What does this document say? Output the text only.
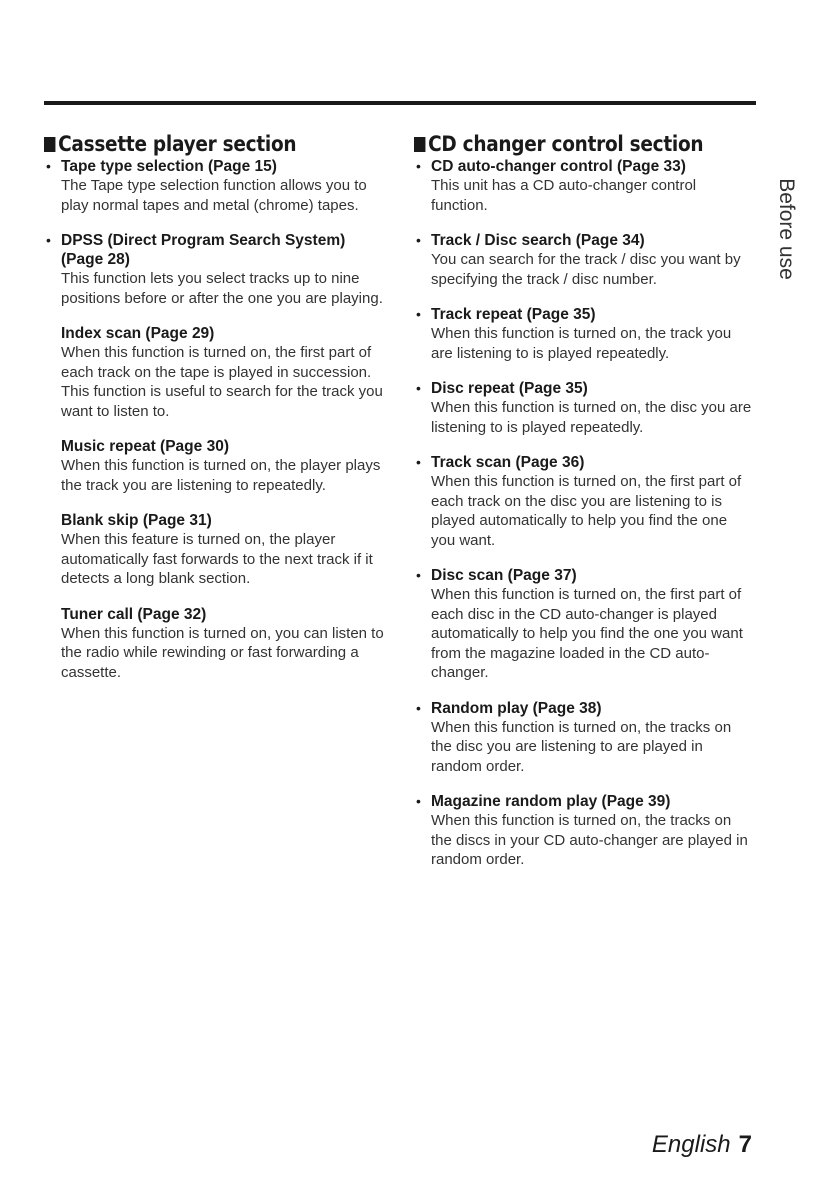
Cassette player section
• Tape type selection (Page 15)

The Tape type selection function allows you to play normal tapes and metal (chrome) tapes.

• DPSS (Direct Program Search System) (Page 28)

This function lets you select tracks up to nine positions before or after the one you are playing.

Index scan (Page 29)

When this function is turned on, the first part of each track on the tape is played in succession. This function is useful to search for the track you want to listen to.

Music repeat (Page 30)

When this function is turned on, the player plays the track you are listening to repeatedly.

Blank skip (Page 31)

When this feature is turned on, the player automatically fast forwards to the next track if it detects a long blank section.

Tuner call (Page 32)

When this function is turned on, you can listen to the radio while rewinding or fast forwarding a cassette.

CD changer control section
• CD auto-changer control (Page 33)

This unit has a CD auto-changer control function.

• Track / Disc search (Page 34)

You can search for the track / disc you want by specifying the track / disc number.

• Track repeat (Page 35)

When this function is turned on, the track you are listening to is played repeatedly.

• Disc repeat (Page 35)

When this function is turned on, the disc you are listening to is played repeatedly.

• Track scan (Page 36)

When this function is turned on, the first part of each track on the disc you are listening to is played automatically to help you find the one you want.

• Disc scan (Page 37)

When this function is turned on, the first part of each disc in the CD auto-changer is played automatically to help you find the one you want from the magazine loaded in the CD auto-changer.

• Random play (Page 38)

When this function is turned on, the tracks on the disc you are listening to are played in random order.

• Magazine random play (Page 39)

When this function is turned on, the tracks on the discs in your CD auto-changer are played in random order.

Before use
English 7
